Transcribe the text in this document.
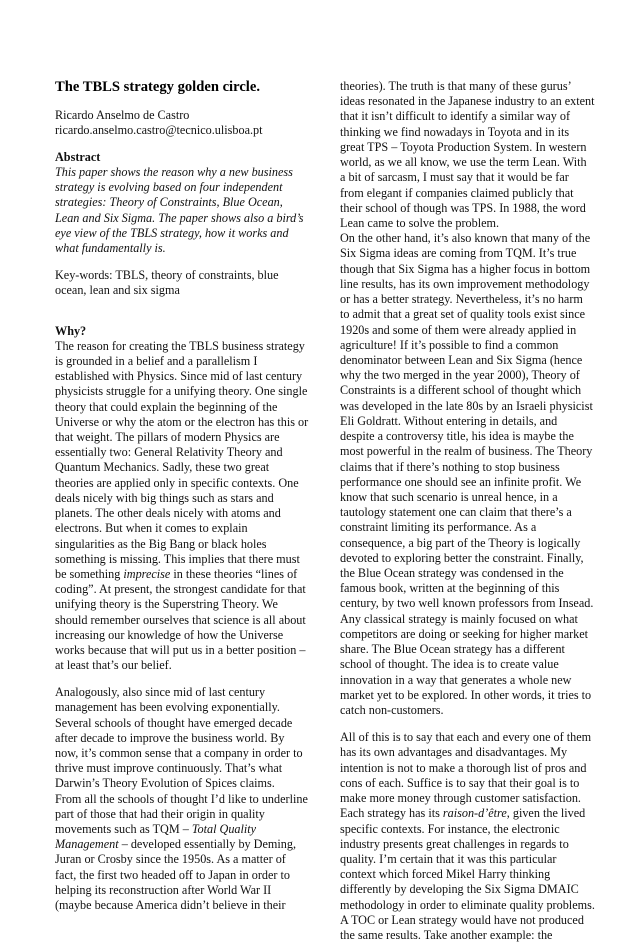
The TBLS strategy golden circle.
Ricardo Anselmo de Castro
ricardo.anselmo.castro@tecnico.ulisboa.pt
Abstract
This paper shows the reason why a new business
strategy is evolving based on four independent
strategies: Theory of Constraints, Blue Ocean,
Lean and Six Sigma. The paper shows also a bird’s
eye view of the TBLS strategy, how it works and
what fundamentally is.
Key-words: TBLS, theory of constraints, blue
ocean, lean and six sigma
Why?
The reason for creating the TBLS business strategy
is grounded in a belief and a parallelism I
established with Physics. Since mid of last century
physicists struggle for a unifying theory. One single
theory that could explain the beginning of the
Universe or why the atom or the electron has this or
that weight. The pillars of modern Physics are
essentially two: General Relativity Theory and
Quantum Mechanics. Sadly, these two great
theories are applied only in specific contexts. One
deals nicely with big things such as stars and
planets. The other deals nicely with atoms and
electrons. But when it comes to explain
singularities as the Big Bang or black holes
something is missing. This implies that there must
be something imprecise in these theories “lines of
coding”. At present, the strongest candidate for that
unifying theory is the Superstring Theory. We
should remember ourselves that science is all about
increasing our knowledge of how the Universe
works because that will put us in a better position –
at least that’s our belief.
Analogously, also since mid of last century
management has been evolving exponentially.
Several schools of thought have emerged decade
after decade to improve the business world. By
now, it’s common sense that a company in order to
thrive must improve continuously. That’s what
Darwin’s Theory Evolution of Spices claims.
From all the schools of thought I’d like to underline
part of those that had their origin in quality
movements such as TQM – Total Quality
Management – developed essentially by Deming,
Juran or Crosby since the 1950s. As a matter of
fact, the first two headed off to Japan in order to
helping its reconstruction after World War II
(maybe because America didn’t believe in their
theories). The truth is that many of these gurus’
ideas resonated in the Japanese industry to an extent
that it isn’t difficult to identify a similar way of
thinking we find nowadays in Toyota and in its
great TPS – Toyota Production System. In western
world, as we all know, we use the term Lean. With
a bit of sarcasm, I must say that it would be far
from elegant if companies claimed publicly that
their school of though was TPS. In 1988, the word
Lean came to solve the problem.
On the other hand, it’s also known that many of the
Six Sigma ideas are coming from TQM. It’s true
though that Six Sigma has a higher focus in bottom
line results, has its own improvement methodology
or has a better strategy. Nevertheless, it’s no harm
to admit that a great set of quality tools exist since
1920s and some of them were already applied in
agriculture! If it’s possible to find a common
denominator between Lean and Six Sigma (hence
why the two merged in the year 2000), Theory of
Constraints is a different school of thought which
was developed in the late 80s by an Israeli physicist
Eli Goldratt. Without entering in details, and
despite a controversy title, his idea is maybe the
most powerful in the realm of business. The Theory
claims that if there’s nothing to stop business
performance one should see an infinite profit. We
know that such scenario is unreal hence, in a
tautology statement one can claim that there’s a
constraint limiting its performance. As a
consequence, a big part of the Theory is logically
devoted to exploring better the constraint. Finally,
the Blue Ocean strategy was condensed in the
famous book, written at the beginning of this
century, by two well known professors from Insead.
Any classical strategy is mainly focused on what
competitors are doing or seeking for higher market
share. The Blue Ocean strategy has a different
school of thought. The idea is to create value
innovation in a way that generates a whole new
market yet to be explored. In other words, it tries to
catch non-customers.
All of this is to say that each and every one of them
has its own advantages and disadvantages. My
intention is not to make a thorough list of pros and
cons of each. Suffice is to say that their goal is to
make more money through customer satisfaction.
Each strategy has its raison-d’être, given the lived
specific contexts. For instance, the electronic
industry presents great challenges in regards to
quality. I’m certain that it was this particular
context which forced Mikel Harry thinking
differently by developing the Six Sigma DMAIC
methodology in order to eliminate quality problems.
A TOC or Lean strategy would have not produced
the same results. Take another example: the
